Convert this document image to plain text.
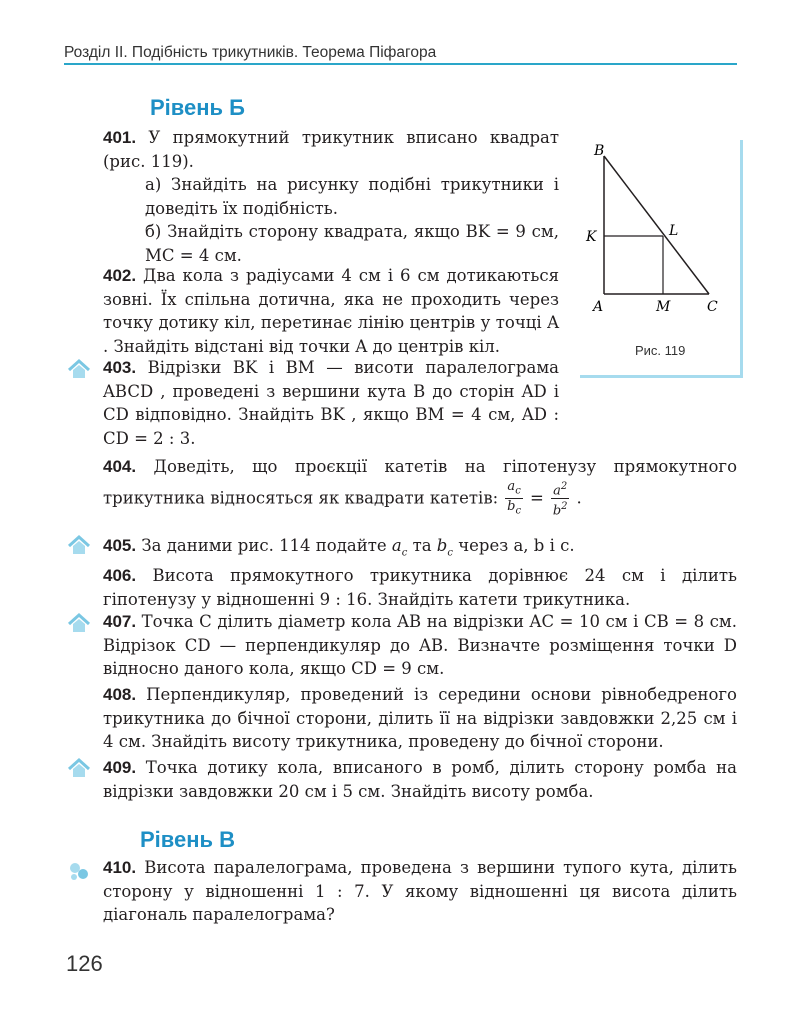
Розділ ІІ. Подібність трикутників. Теорема Піфагора
Рівень Б
401. У прямокутний трикутник вписано квадрат (рис. 119).
а) Знайдіть на рисунку подібні трикутники і доведіть їх подібність.
б) Знайдіть сторону квадрата, якщо BK = 9 см, MC = 4 см.
402. Два кола з радіусами 4 см і 6 см дотикаються зовні. Їх спільна дотична, яка не проходить через точку дотику кіл, перетинає лінію центрів у точці A . Знайдіть відстані від точки A до центрів кіл.
403. Відрізки BK і BM — висоти паралелограма ABCD , проведені з вершини кута B до сторін AD і CD відповідно. Знайдіть BK , якщо BM = 4 см, AD : CD = 2 : 3.
404. Доведіть, що проєкції катетів на гіпотенузу прямокутного трикутника відносяться як квадрати катетів: $\frac{a_c}{b_c} = \frac{a^2}{b^2}$ .
405. За даними рис. 114 подайте $a_c$ та $b_c$ через a, b і c.
406. Висота прямокутного трикутника дорівнює 24 см і ділить гіпотенузу у відношенні 9 : 16. Знайдіть катети трикутника.
407. Точка C ділить діаметр кола AB на відрізки AC = 10 см і CB = 8 см. Відрізок CD — перпендикуляр до AB. Визначте розміщення точки D відносно даного кола, якщо CD = 9 см.
408. Перпендикуляр, проведений із середини основи рівнобедреного трикутника до бічної сторони, ділить її на відрізки завдовжки 2,25 см і 4 см. Знайдіть висоту трикутника, проведену до бічної сторони.
409. Точка дотику кола, вписаного в ромб, ділить сторону ромба на відрізки завдовжки 20 см і 5 см. Знайдіть висоту ромба.
Рівень В
410. Висота паралелограма, проведена з вершини тупого кута, ділить сторону у відношенні 1 : 7. У якому відношенні ця висота ділить діагональ паралелограма?
B
K	L
A	M	C
Рис. 119
126
